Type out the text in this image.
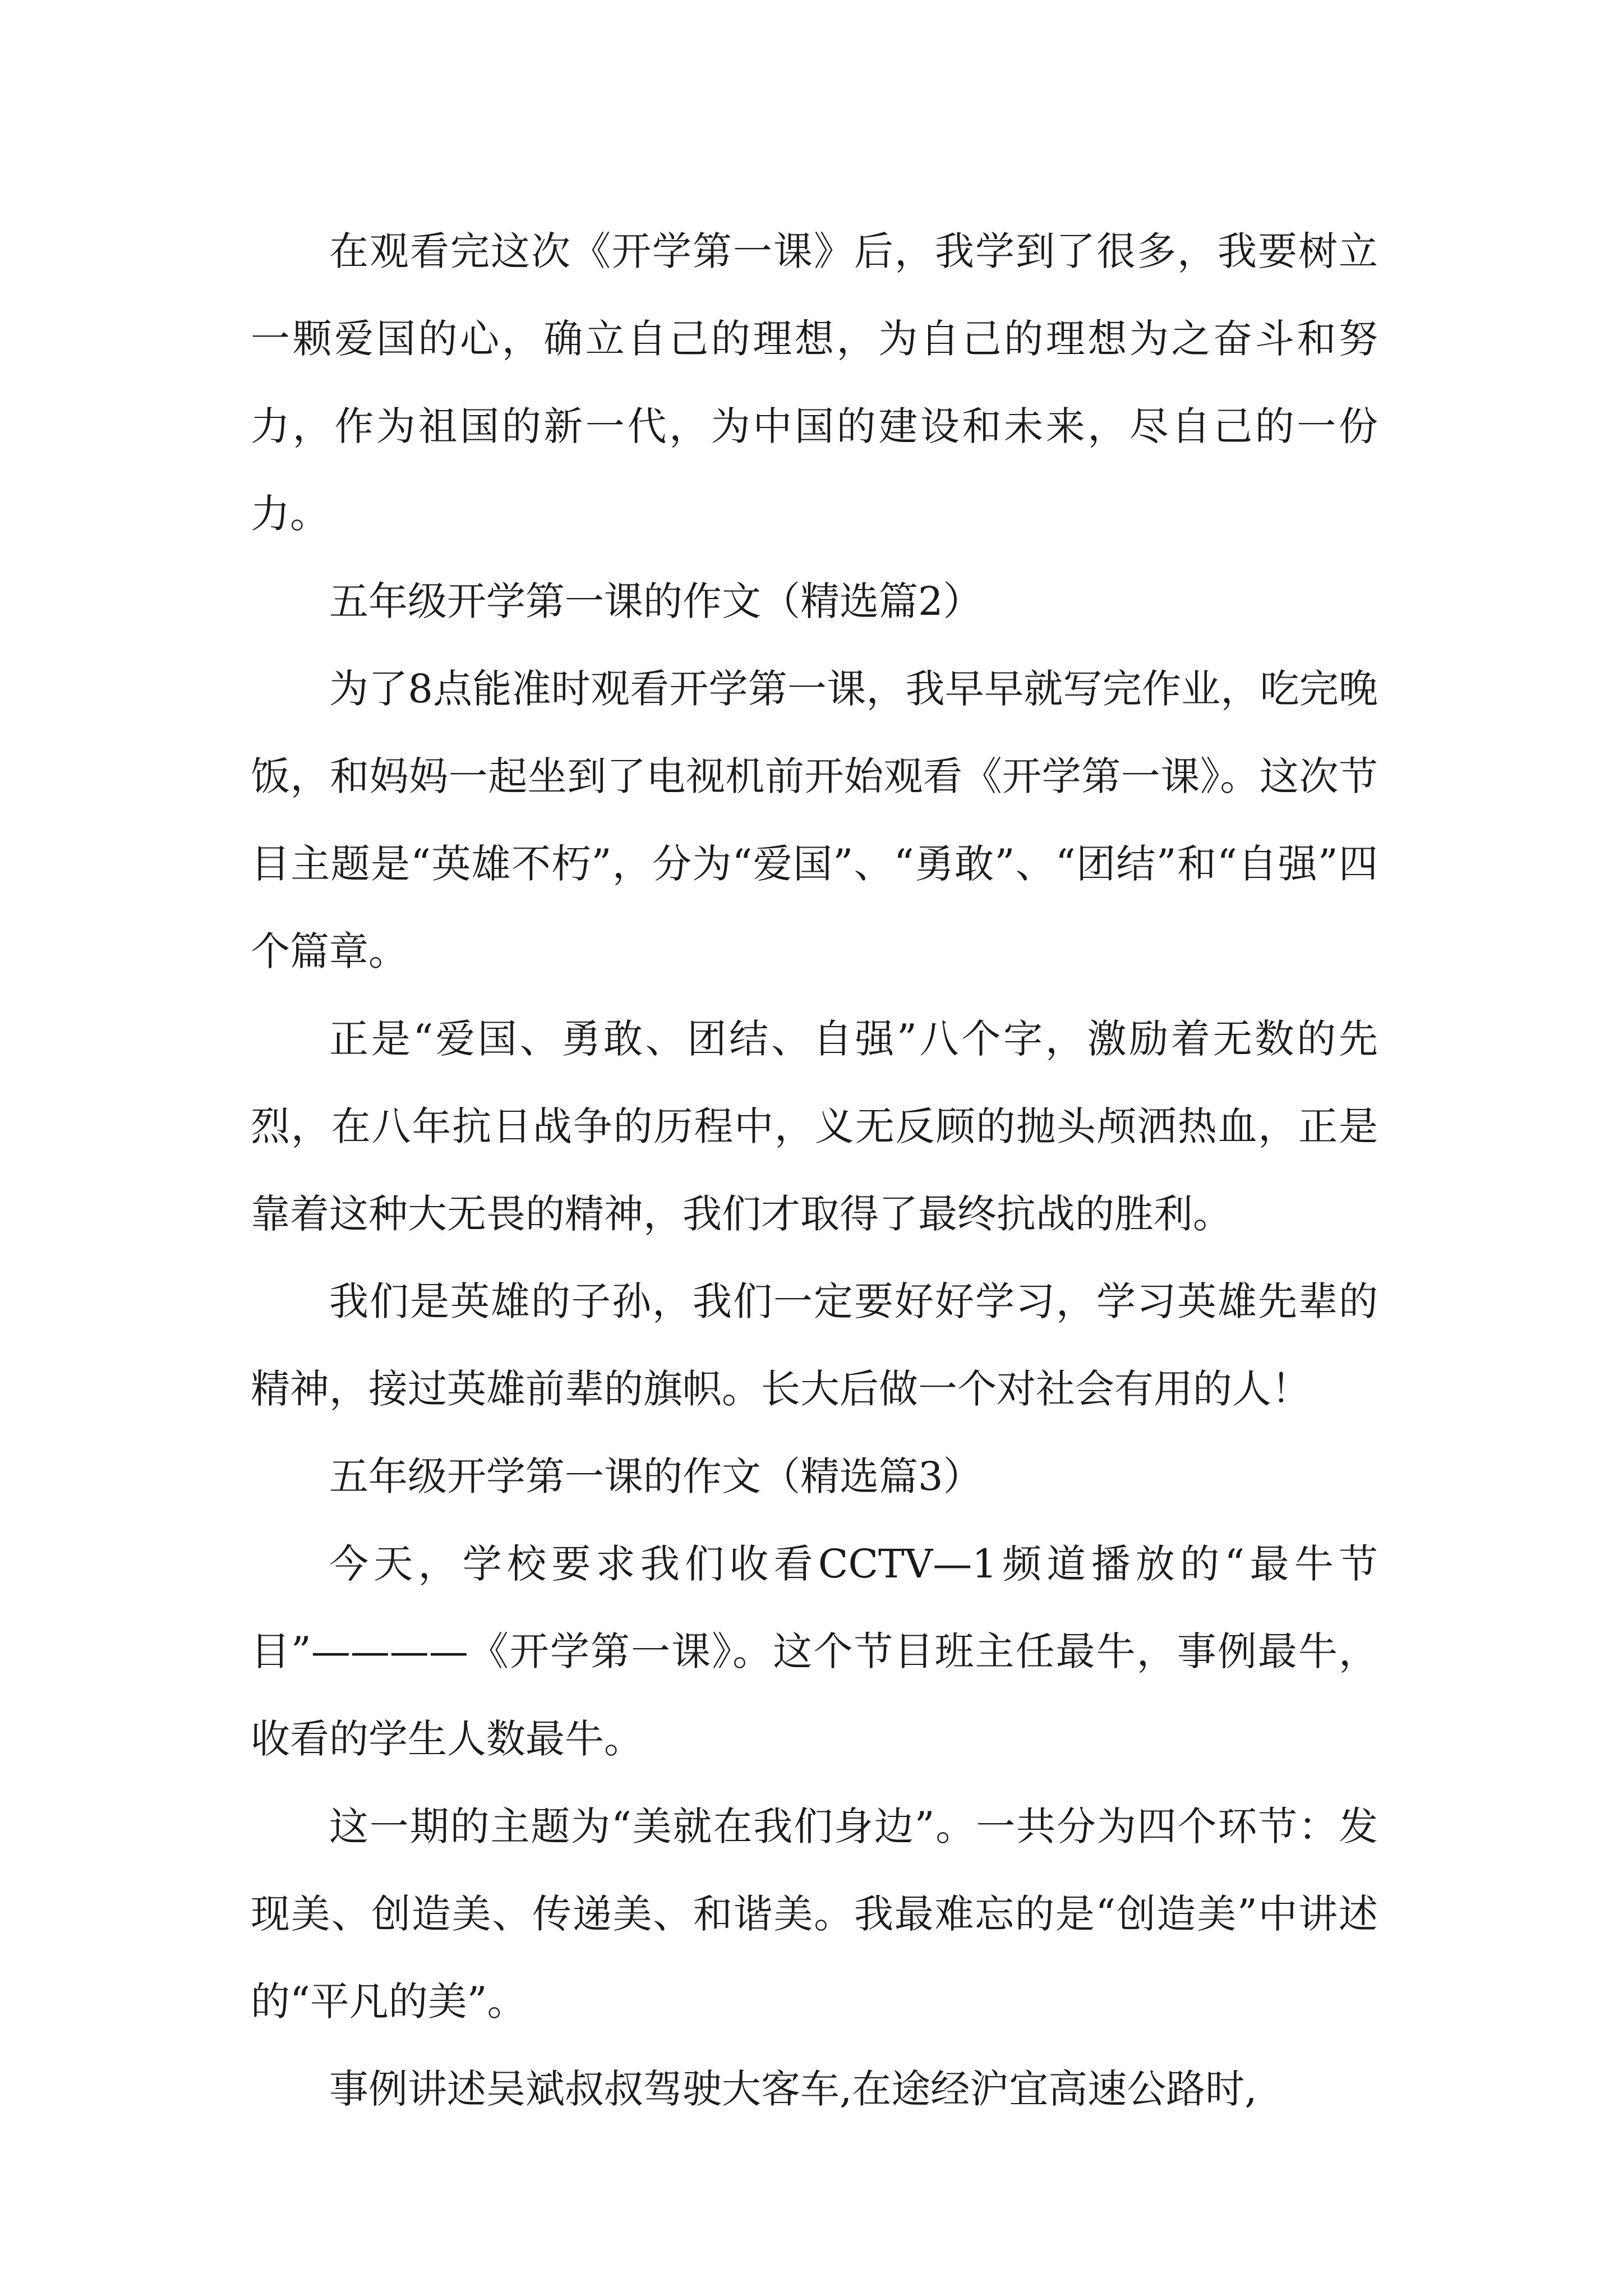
在观看完这次《开学第一课》后，我学到了很多，我要树立一颗爱国的心，确立自己的理想，为自己的理想为之奋斗和努力，作为祖国的新一代，为中国的建设和未来，尽自己的一份力。

五年级开学第一课的作文（精选篇2）

为了8点能准时观看开学第一课，我早早就写完作业，吃完晚饭，和妈妈一起坐到了电视机前开始观看《开学第一课》。这次节目主题是“英雄不朽”，分为“爱国”、“勇敢”、“团结”和“自强”四个篇章。

正是“爱国、勇敢、团结、自强”八个字，激励着无数的先烈，在八年抗日战争的历程中，义无反顾的抛头颅洒热血，正是靠着这种大无畏的精神，我们才取得了最终抗战的胜利。

我们是英雄的子孙，我们一定要好好学习，学习英雄先辈的精神，接过英雄前辈的旗帜。长大后做一个对社会有用的人！

五年级开学第一课的作文（精选篇3）

今天，学校要求我们收看CCTV—1频道播放的“最牛节目”————《开学第一课》。这个节目班主任最牛，事例最牛，收看的学生人数最牛。

这一期的主题为“美就在我们身边”。一共分为四个环节：发现美、创造美、传递美、和谐美。我最难忘的是“创造美”中讲述的“平凡的美”。

事例讲述吴斌叔叔驾驶大客车,在途经沪宜高速公路时,
